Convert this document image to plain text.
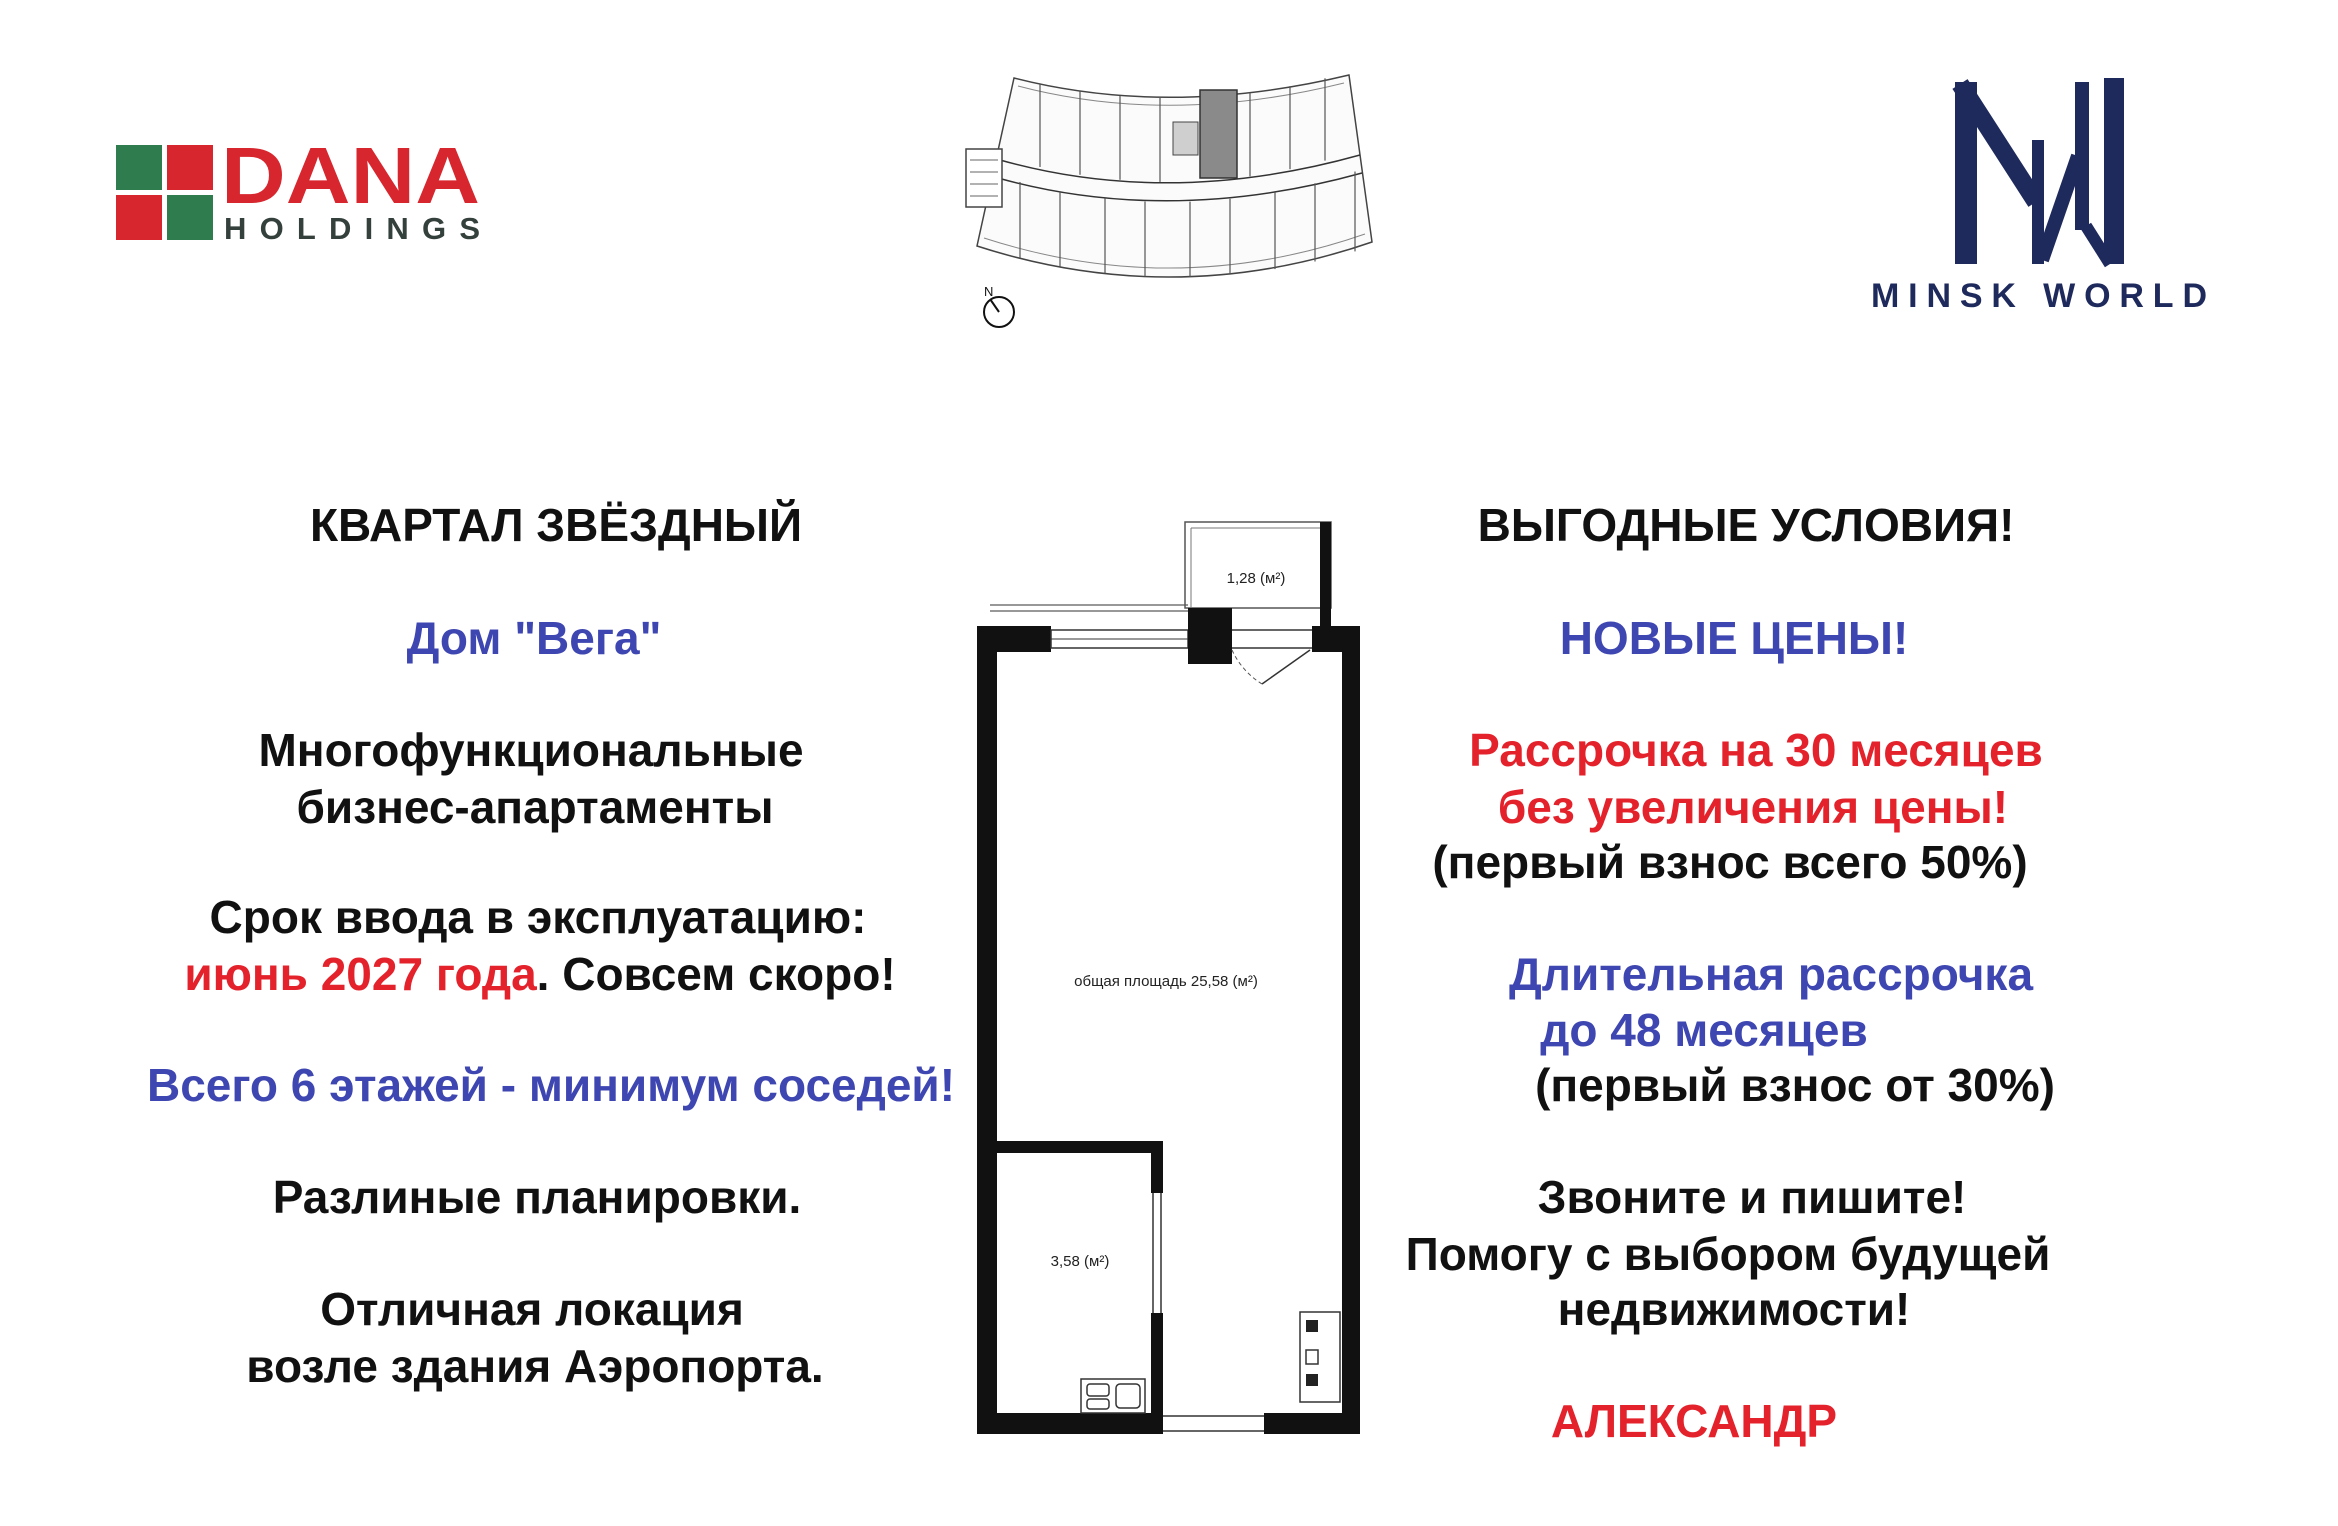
DANA
HOLDINGS
N	MINSK WORLD
1,28 (м²)
общая площадь 25,58 (м²)
3,58 (м²)
КВАРТАЛ ЗВЁЗДНЫЙ
Дом "Вега"
Многофункциональные
бизнес-апартаменты
Срок ввода в эксплуатацию:
июнь 2027 года. Совсем скоро!
Всего 6 этажей - минимум соседей!
Разлиные планировки.
Отличная локация
возле здания Аэропорта.
ВЫГОДНЫЕ УСЛОВИЯ!
НОВЫЕ ЦЕНЫ!
Рассрочка на 30 месяцев
без увеличения цены!
(первый взнос всего 50%)
Длительная рассрочка
до 48 месяцев
(первый взнос от 30%)
Звоните и пишите!
Помогу с выбором будущей
недвижимости!
АЛЕКСАНДР
